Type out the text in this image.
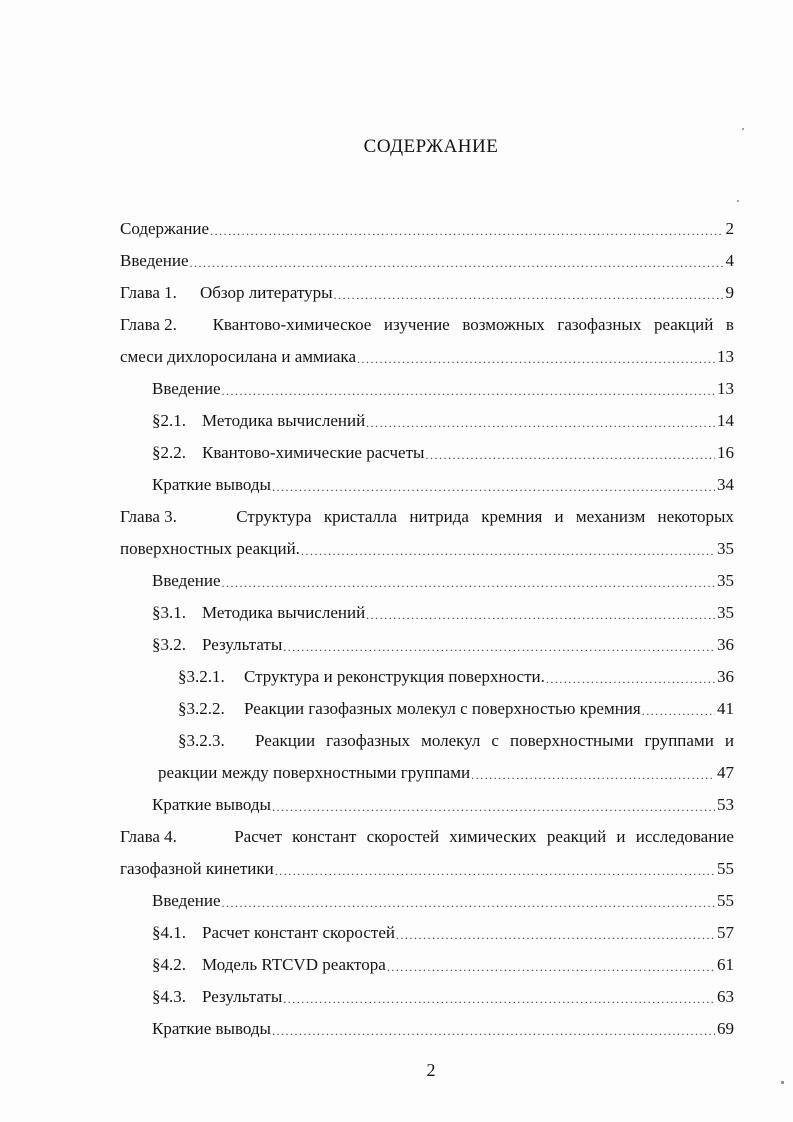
СОДЕРЖАНИЕ
Содержание .....	2
Введение .....	4
Глава 1.	Обзор литературы .....	9
Глава 2.	Квантово-химическое изучение возможных газофазных реакций в
смеси дихлоросилана и аммиака .....	13
Введение .....	13
§2.1. Методика вычислений .....	14
§2.2. Квантово-химические расчеты .....	16
Краткие выводы .....	34
Глава 3.	Структура кристалла нитрида кремния и механизм некоторых
поверхностных реакций. .....	35
Введение .....	35
§3.1. Методика вычислений .....	35
§3.2. Результаты .....	36
§3.2.1.	Структура и реконструкция поверхности. .....	36
§3.2.2.	Реакции газофазных молекул с поверхностью кремния .....	41
§3.2.3.	Реакции газофазных молекул с поверхностными группами и
реакции между поверхностными группами .....	47
Краткие выводы .....	53
Глава 4.	Расчет констант скоростей химических реакций и исследование
газофазной кинетики .....	55
Введение .....	55
§4.1. Расчет констант скоростей .....	57
§4.2. Модель RTCVD реактора .....	61
§4.3. Результаты .....	63
Краткие выводы .....	69
2
